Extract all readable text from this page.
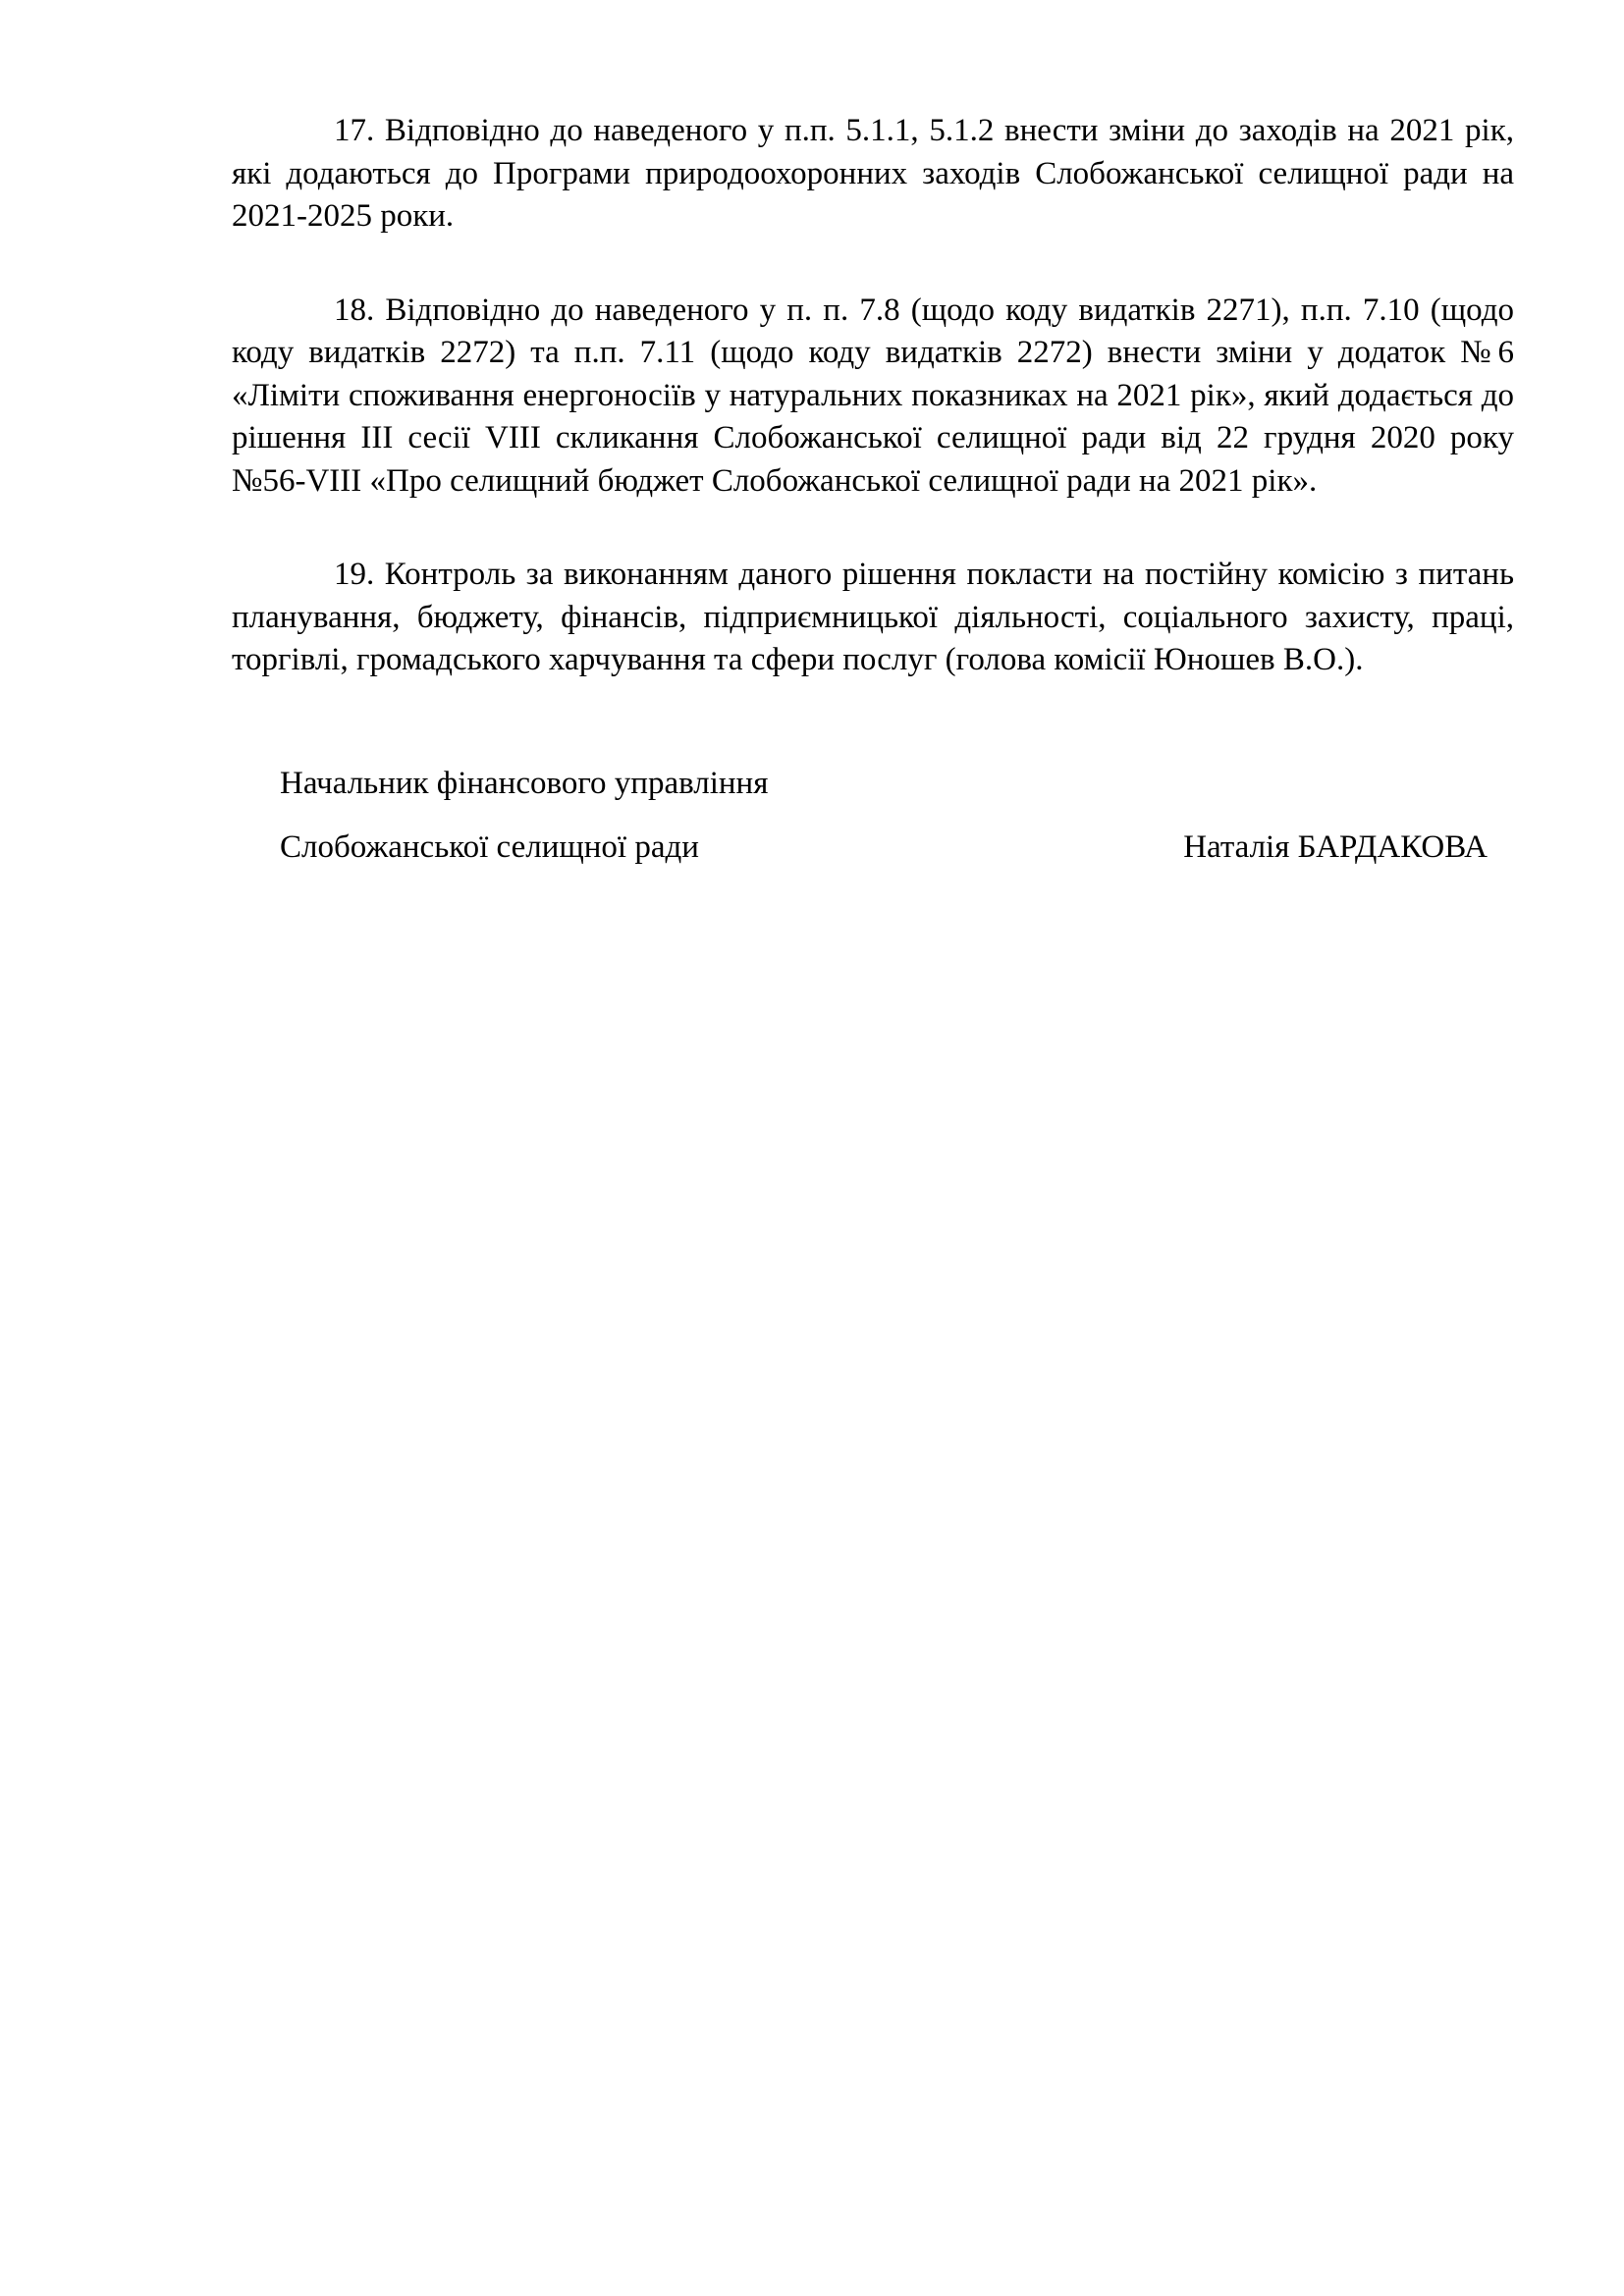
17. Відповідно до наведеного у п.п. 5.1.1, 5.1.2 внести зміни до заходів на 2021 рік, які додаються до Програми природоохоронних заходів Слобожанської селищної ради на 2021-2025 роки.

18. Відповідно до наведеного у п. п. 7.8 (щодо коду видатків 2271), п.п. 7.10 (щодо коду видатків 2272) та п.п. 7.11 (щодо коду видатків 2272) внести зміни у додаток №6 «Ліміти споживання енергоносіїв у натуральних показниках на 2021 рік», який додається до рішення ІІІ сесії VIII скликання Слобожанської селищної ради від 22 грудня 2020 року №56-VIII «Про селищний бюджет Слобожанської селищної ради на 2021 рік».

19. Контроль за виконанням даного рішення покласти на постійну комісію з питань планування, бюджету, фінансів, підприємницької діяльності, соціального захисту, праці, торгівлі, громадського харчування та сфери послуг (голова комісії Юношев В.О.).

Начальник фінансового управління
Слобожанської селищної ради	Наталія БАРДАКОВА
